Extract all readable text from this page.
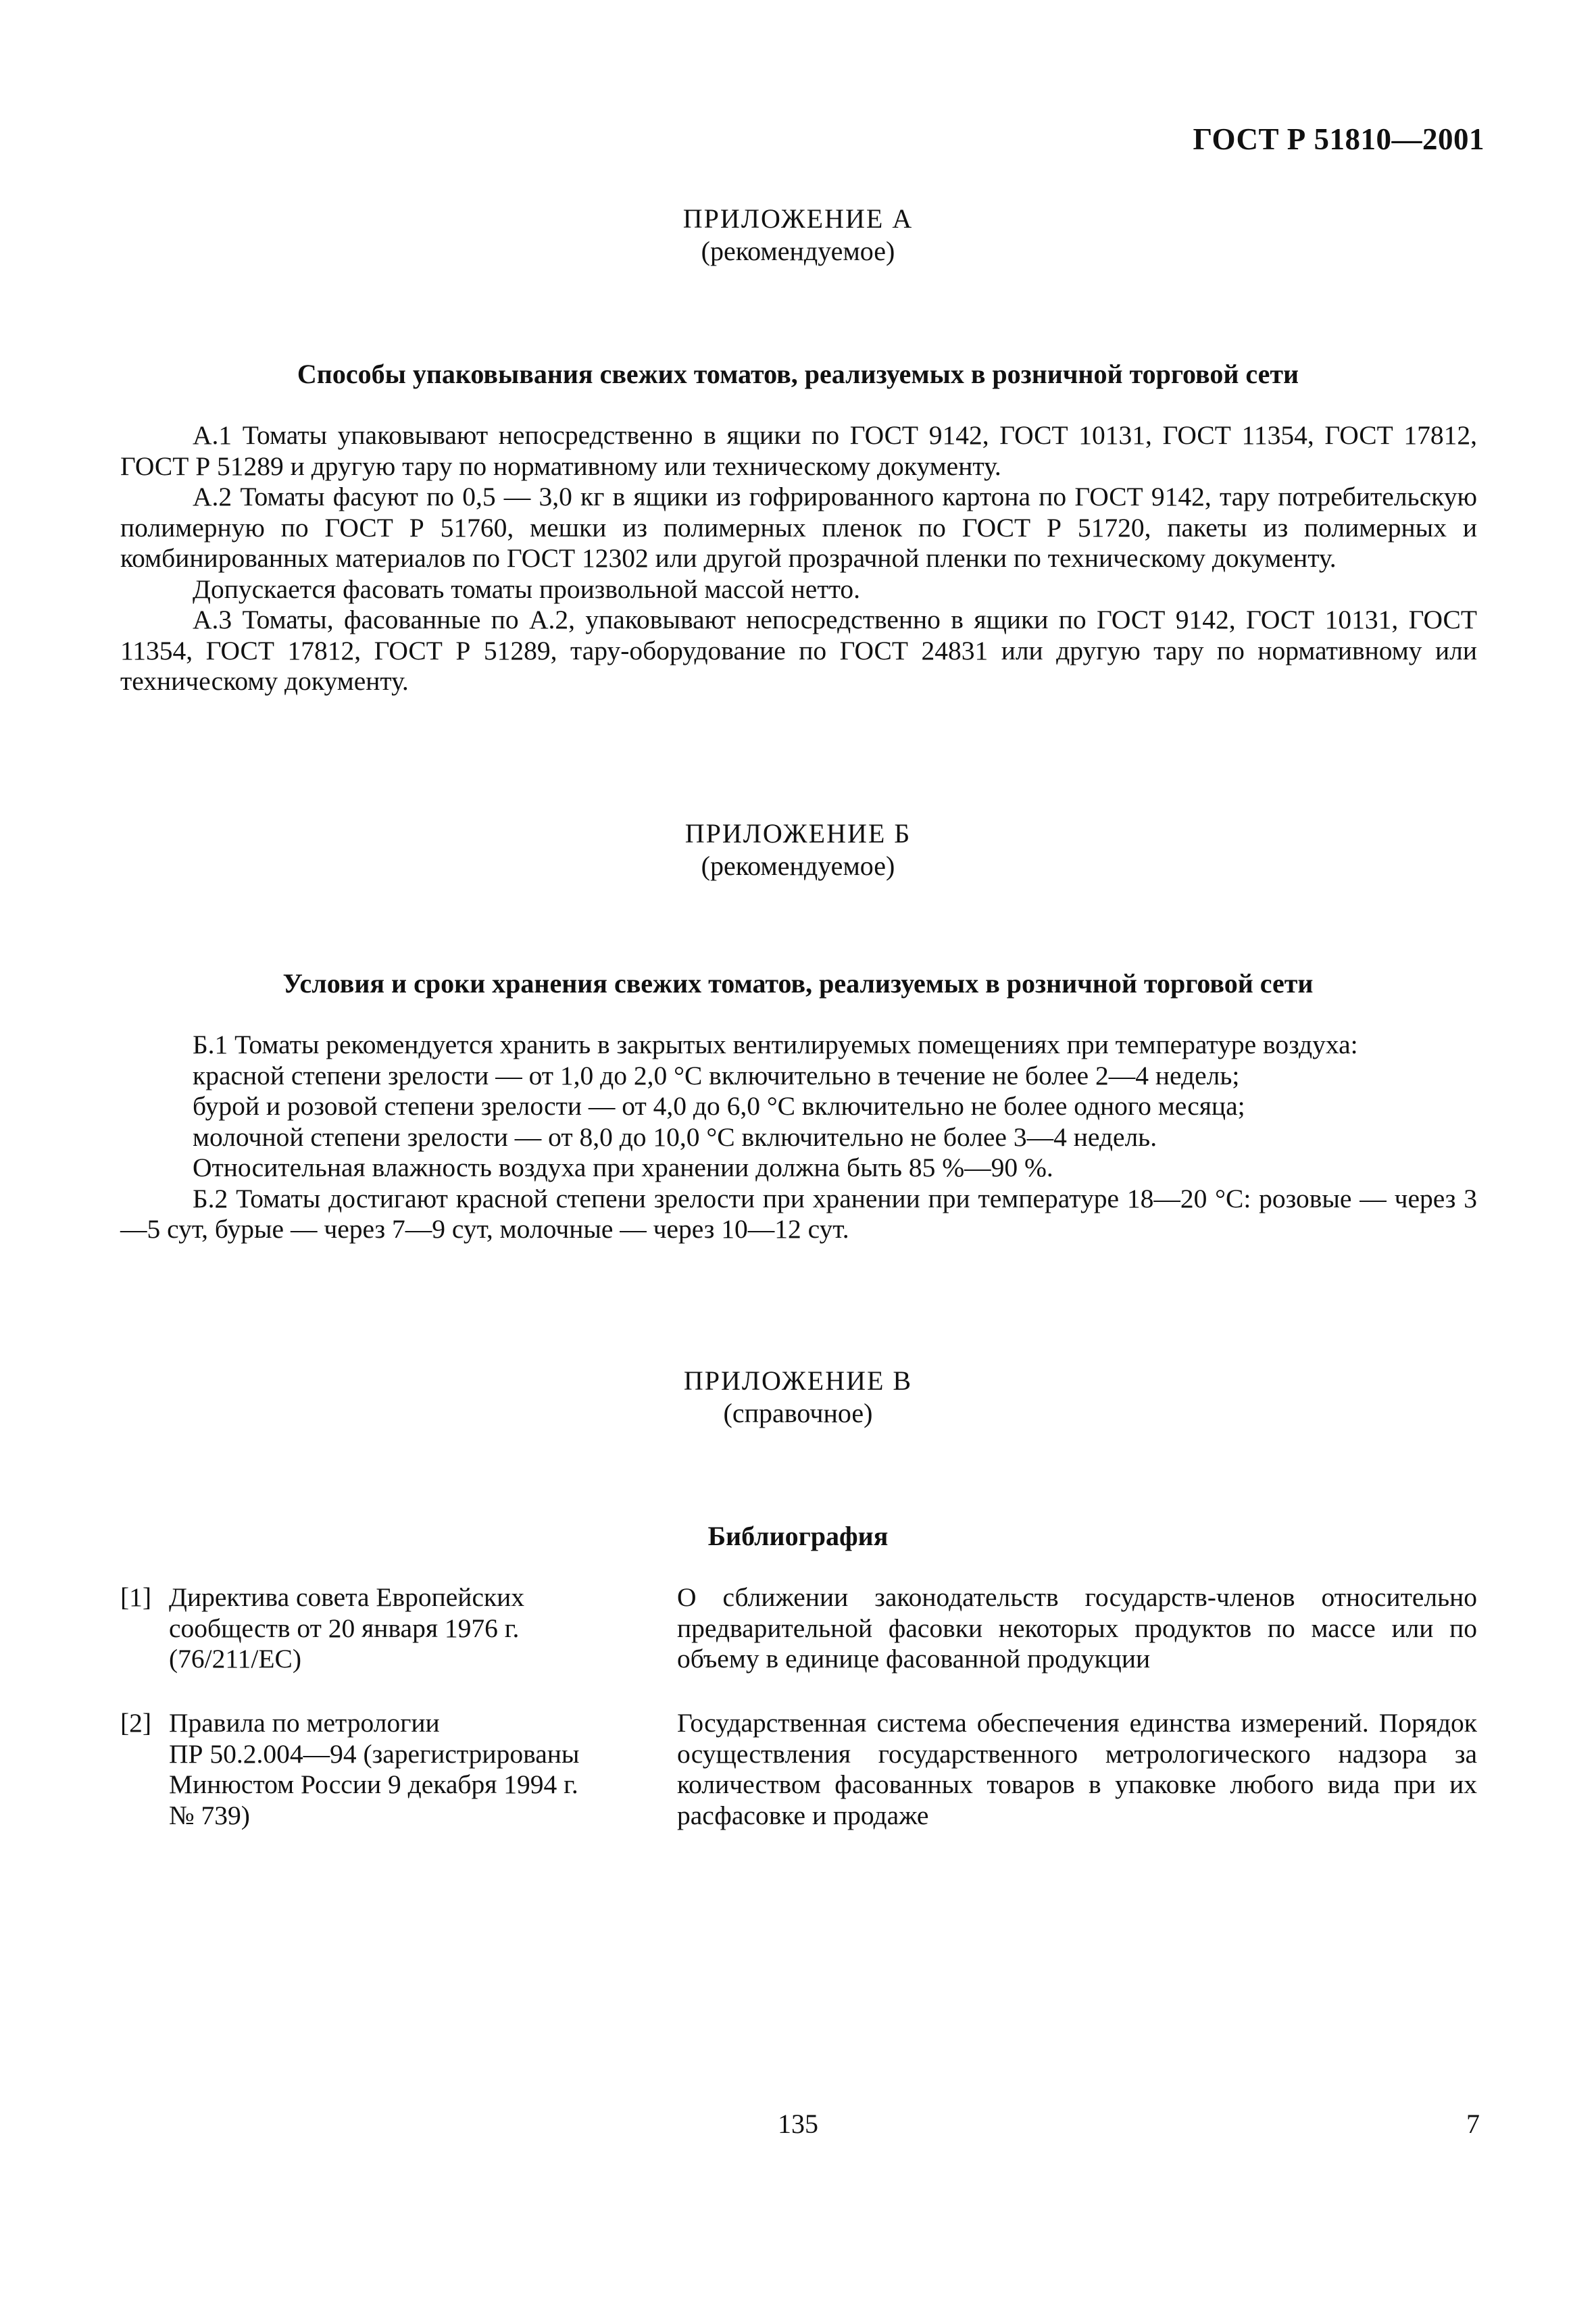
ГОСТ Р 51810—2001
ПРИЛОЖЕНИЕ А
(рекомендуемое)
Способы упаковывания свежих томатов, реализуемых в розничной торговой сети

А.1 Томаты упаковывают непосредственно в ящики по ГОСТ 9142, ГОСТ 10131, ГОСТ 11354, ГОСТ 17812, ГОСТ Р 51289 и другую тару по нормативному или техническому документу.

А.2 Томаты фасуют по 0,5 — 3,0 кг в ящики из гофрированного картона по ГОСТ 9142, тару потребительскую полимерную по ГОСТ Р 51760, мешки из полимерных пленок по ГОСТ Р 51720, пакеты из полимерных и комбинированных материалов по ГОСТ 12302 или другой прозрачной пленки по техническому документу.

Допускается фасовать томаты произвольной массой нетто.

А.3 Томаты, фасованные по А.2, упаковывают непосредственно в ящики по ГОСТ 9142, ГОСТ 10131, ГОСТ 11354, ГОСТ 17812, ГОСТ Р 51289, тару-оборудование по ГОСТ 24831 или другую тару по нормативному или техническому документу.

ПРИЛОЖЕНИЕ Б
(рекомендуемое)
Условия и сроки хранения свежих томатов, реализуемых в розничной торговой сети

Б.1 Томаты рекомендуется хранить в закрытых вентилируемых помещениях при температуре воздуха:

красной степени зрелости — от 1,0 до 2,0 °С включительно в течение не более 2—4 недель;

бурой и розовой степени зрелости — от 4,0 до 6,0 °С включительно не более одного месяца;

молочной степени зрелости — от 8,0 до 10,0 °С включительно не более 3—4 недель.

Относительная влажность воздуха при хранении должна быть 85 %—90 %.

Б.2 Томаты достигают красной степени зрелости при хранении при температуре 18—20 °С: розовые — через 3—5 сут, бурые — через 7—9 сут, молочные — через 10—12 сут.

ПРИЛОЖЕНИЕ В
(справочное)
Библиография
[1] Директива совета Европейских
сообществ от 20 января 1976 г.
(76/211/ЕС)
О сближении законодательств государств-членов относительно предварительной фасовки некоторых продуктов по массе или по объему в единице фасованной продукции
[2] Правила по метрологии
ПР 50.2.004—94 (зарегистрированы
Минюстом России 9 декабря 1994 г.
№ 739)
Государственная система обеспечения единства измерений. Порядок осуществления государственного метрологического надзора за количеством фасованных товаров в упаковке любого вида при их расфасовке и продаже
135	7
